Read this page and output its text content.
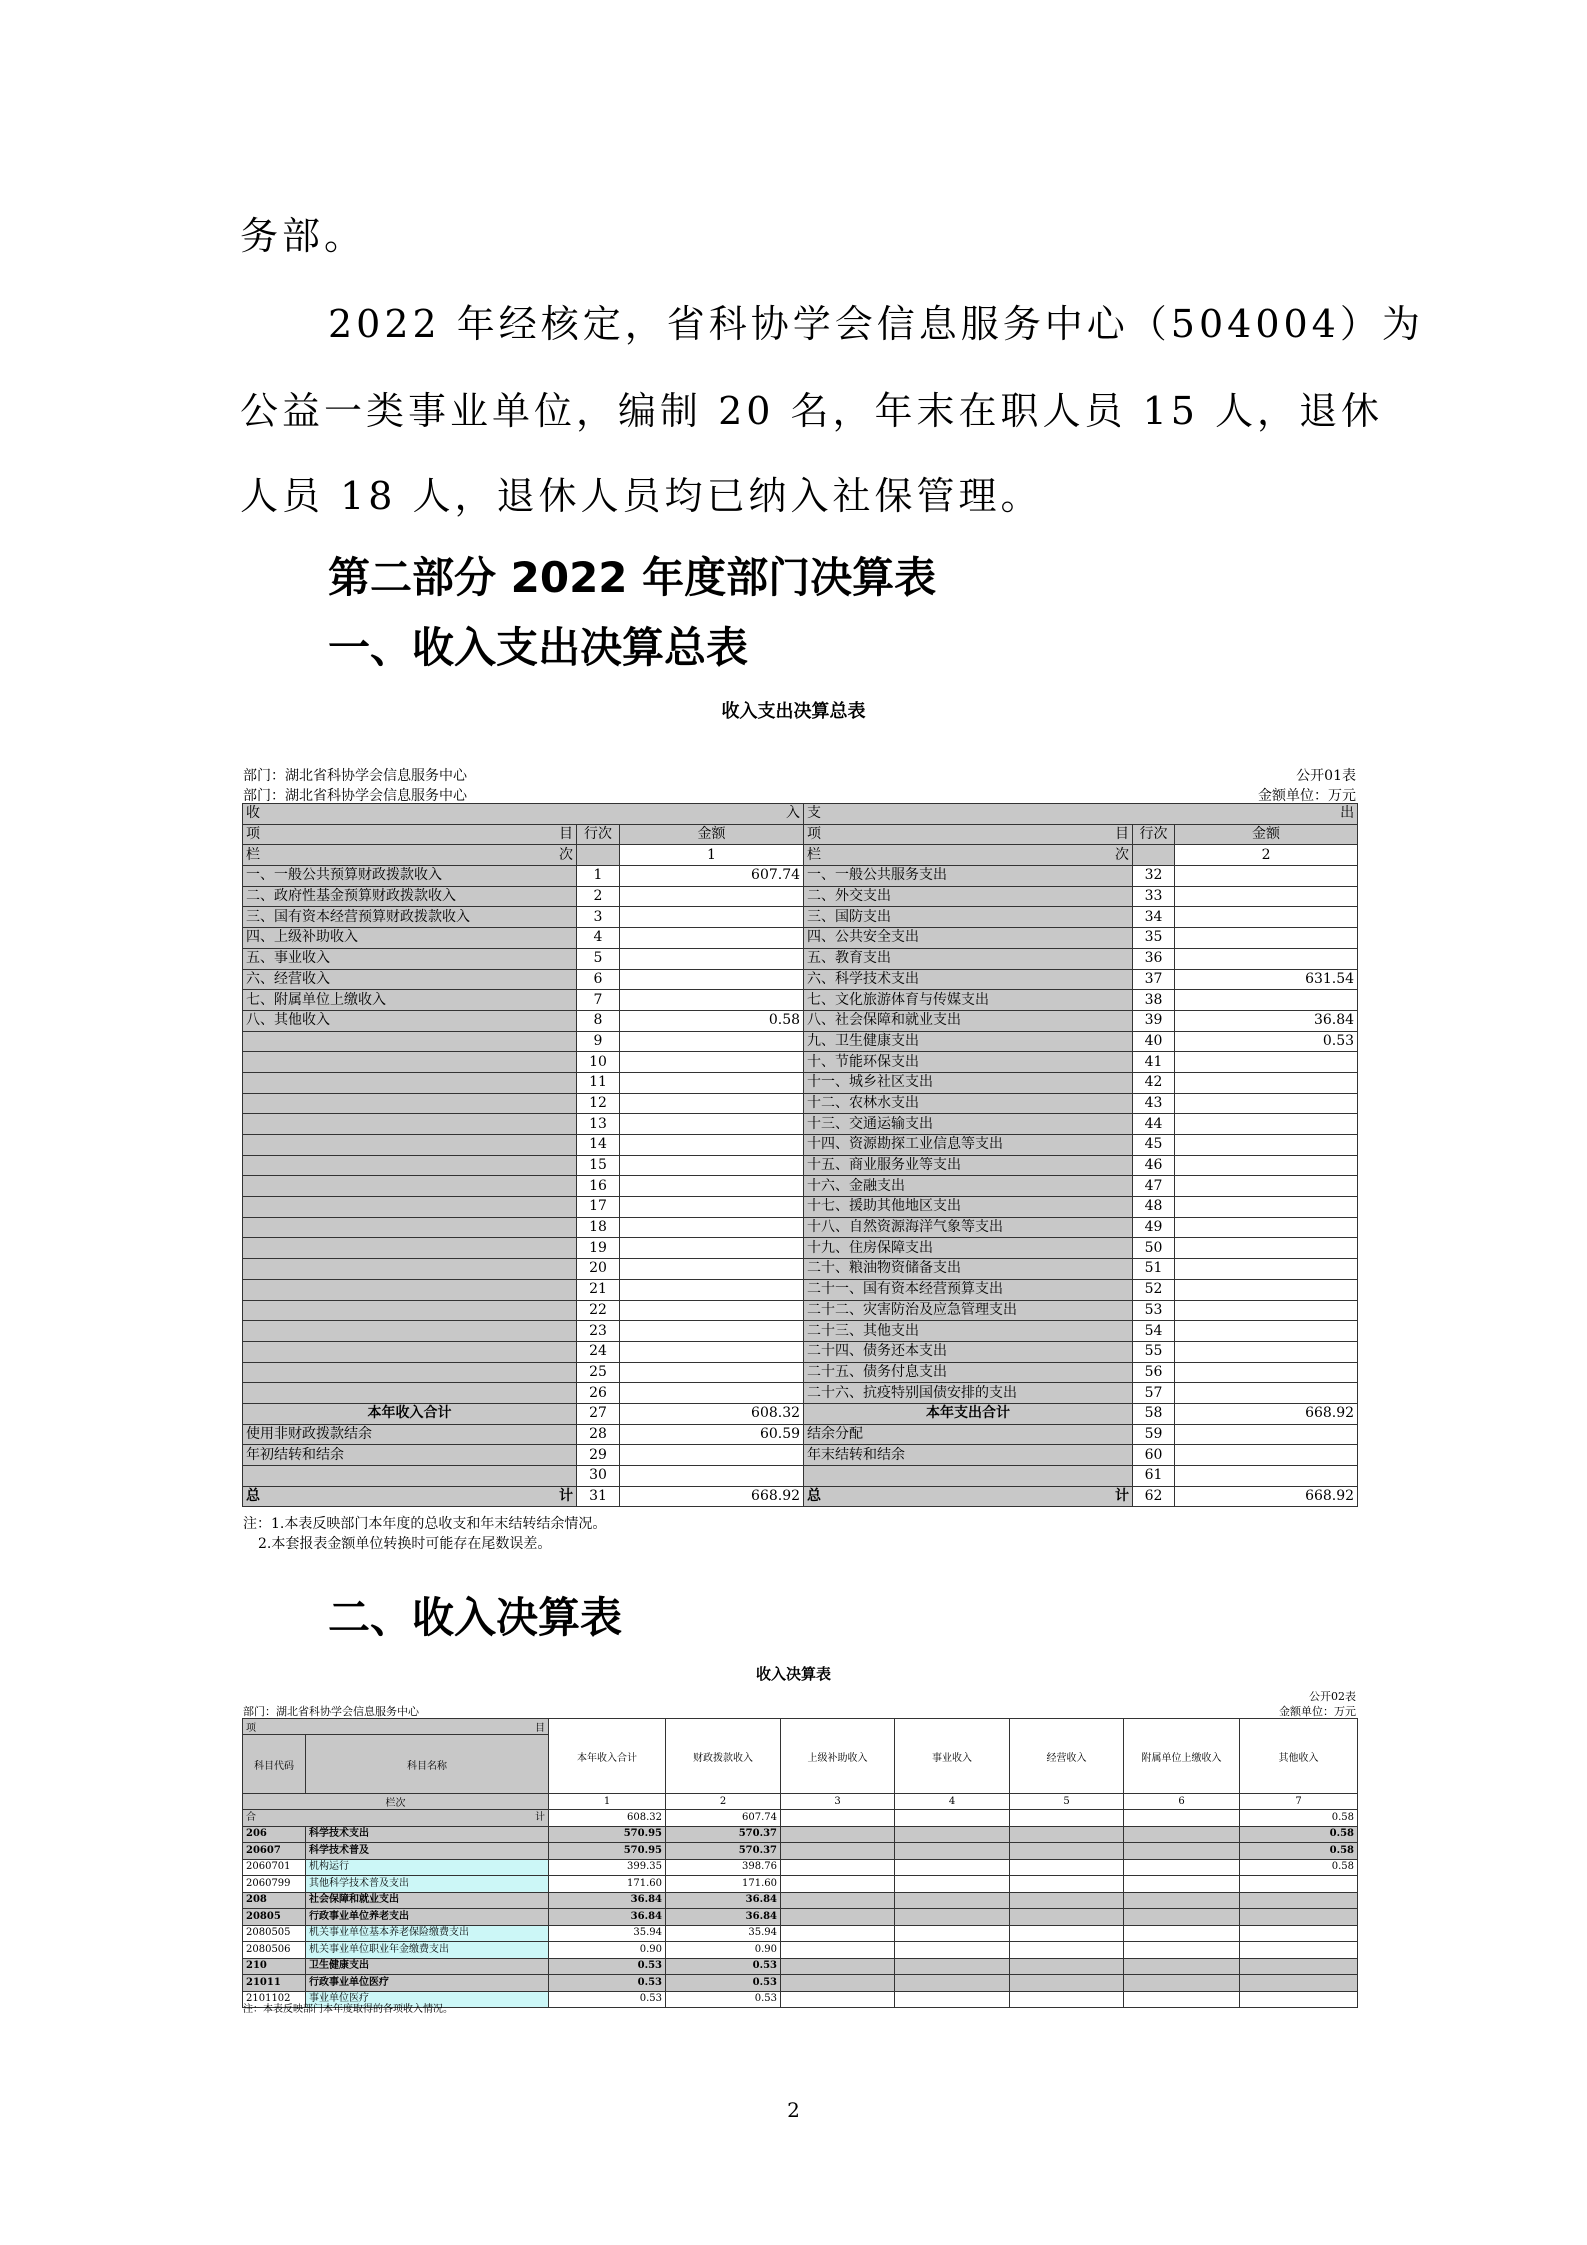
务部。
2022 年经核定，省科协学会信息服务中心（504004）为
公益一类事业单位，编制 20 名，年末在职人员 15 人，退休
人员 18 人，退休人员均已纳入社保管理。
第二部分 2022 年度部门决算表
一、收入支出决算总表
收入支出决算总表
部门：湖北省科协学会信息服务中心
部门：湖北省科协学会信息服务中心
公开01表
金额单位：万元
收 入			支 出		

项 目	行次	金额	项 目	行次	金额

栏 次		1	栏 次		2
一、一般公共预算财政拨款收入	1	607.74	一、一般公共服务支出	32	
二、政府性基金预算财政拨款收入	2		二、外交支出	33	
三、国有资本经营预算财政拨款收入	3		三、国防支出	34	
四、上级补助收入	4		四、公共安全支出	35	
五、事业收入	5		五、教育支出	36	
六、经营收入	6		六、科学技术支出	37	631.54
七、附属单位上缴收入	7		七、文化旅游体育与传媒支出	38	
八、其他收入	8	0.58	八、社会保障和就业支出	39	36.84
	9		九、卫生健康支出	40	0.53
	10		十、节能环保支出	41	
	11		十一、城乡社区支出	42	
	12		十二、农林水支出	43	
	13		十三、交通运输支出	44	
	14		十四、资源勘探工业信息等支出	45	
	15		十五、商业服务业等支出	46	
	16		十六、金融支出	47	
	17		十七、援助其他地区支出	48	
	18		十八、自然资源海洋气象等支出	49	
	19		十九、住房保障支出	50	
	20		二十、粮油物资储备支出	51	
	21		二十一、国有资本经营预算支出	52	
	22		二十二、灾害防治及应急管理支出	53	
	23		二十三、其他支出	54	
	24		二十四、债务还本支出	55	
	25		二十五、债务付息支出	56	
	26		二十六、抗疫特别国债安排的支出	57	
本年收入合计	27	608.32	本年支出合计	58	668.92
使用非财政拨款结余	28	60.59	结余分配	59	
年初结转和结余	29		年末结转和结余	60	
	30			61	

总 计	31	668.92	总 计	62	668.92
注：1.本表反映部门本年度的总收支和年末结转结余情况。
2.本套报表金额单位转换时可能存在尾数误差。
二、收入决算表
收入决算表
公开02表
部门：湖北省科协学会信息服务中心	金额单位：万元
项 目		本年收入合计	财政拨款收入	上级补助收入	事业收入	经营收入	附属单位上缴收入	其他收入
科目代码	科目名称							
栏次		1	2	3	4	5	6	7

合 计		608.32	607.74					0.58
206	科学技术支出	570.95	570.37					0.58
20607	科学技术普及	570.95	570.37					0.58
2060701	机构运行	399.35	398.76					0.58
2060799	其他科学技术普及支出	171.60	171.60					
208	社会保障和就业支出	36.84	36.84					
20805	行政事业单位养老支出	36.84	36.84					
2080505	机关事业单位基本养老保险缴费支出	35.94	35.94					
2080506	机关事业单位职业年金缴费支出	0.90	0.90					
210	卫生健康支出	0.53	0.53					
21011	行政事业单位医疗	0.53	0.53					
2101102	事业单位医疗	0.53	0.53					
注：本表反映部门本年度取得的各项收入情况。
2
